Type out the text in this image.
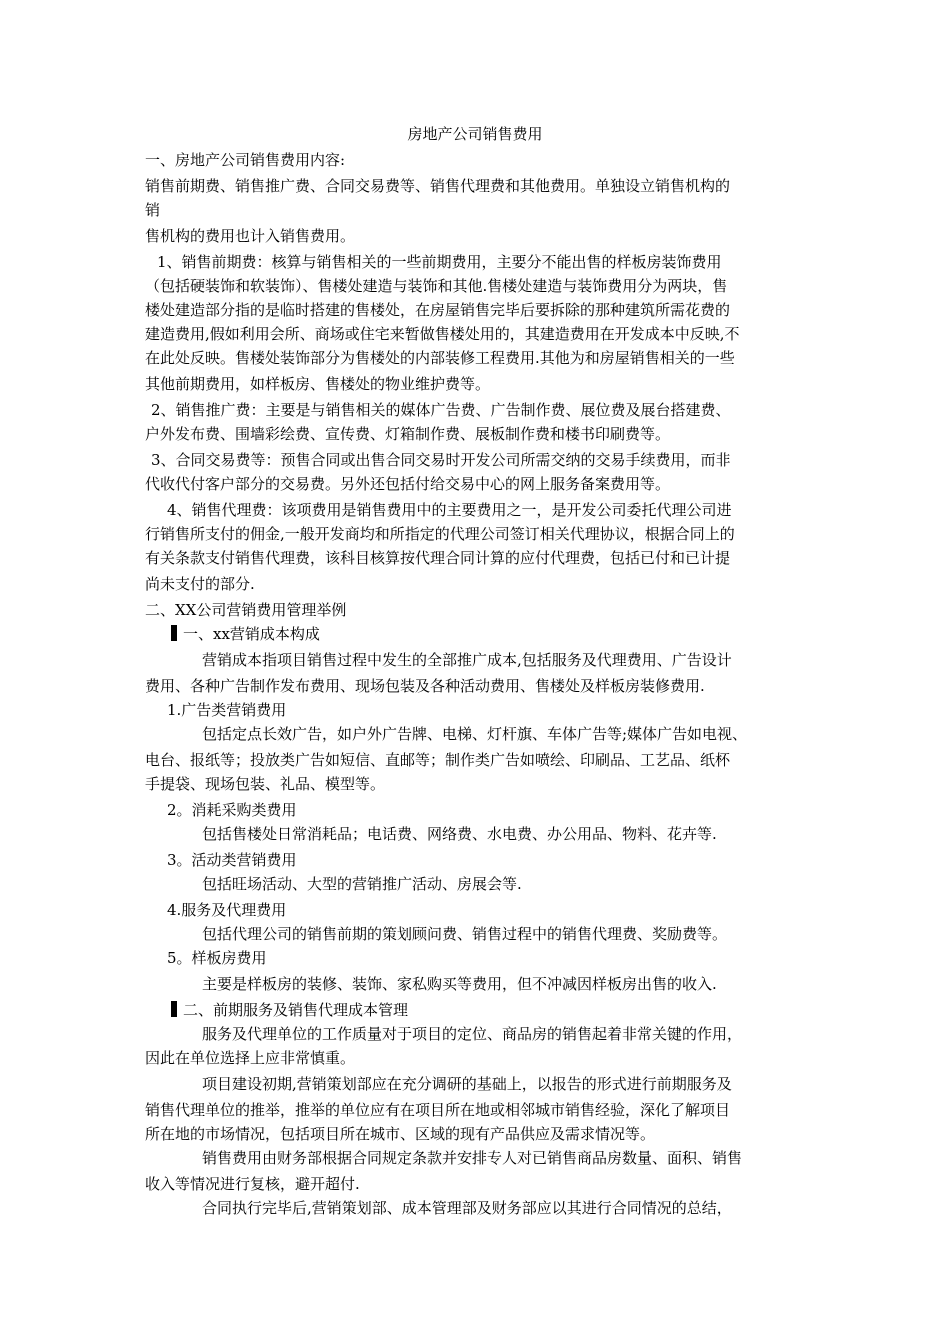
房地产公司销售费用

一、房地产公司销售费用内容:

销售前期费、销售推广费、合同交易费等、销售代理费和其他费用。单独设立销售机构的

销

售机构的费用也计入销售费用。

1、销售前期费：核算与销售相关的一些前期费用，主要分不能出售的样板房装饰费用

（包括硬装饰和软装饰）、售楼处建造与装饰和其他.售楼处建造与装饰费用分为两块，售

楼处建造部分指的是临时搭建的售楼处，在房屋销售完毕后要拆除的那种建筑所需花费的

建造费用,假如利用会所、商场或住宅来暂做售楼处用的，其建造费用在开发成本中反映,不

在此处反映。售楼处装饰部分为售楼处的内部装修工程费用.其他为和房屋销售相关的一些

其他前期费用，如样板房、售楼处的物业维护费等。

2、销售推广费：主要是与销售相关的媒体广告费、广告制作费、展位费及展台搭建费、

户外发布费、围墙彩绘费、宣传费、灯箱制作费、展板制作费和楼书印刷费等。

3、合同交易费等：预售合同或出售合同交易时开发公司所需交纳的交易手续费用，而非

代收代付客户部分的交易费。另外还包括付给交易中心的网上服务备案费用等。

4、销售代理费：该项费用是销售费用中的主要费用之一，是开发公司委托代理公司进

行销售所支付的佣金,一般开发商均和所指定的代理公司签订相关代理协议，根据合同上的

有关条款支付销售代理费，该科目核算按代理合同计算的应付代理费，包括已付和已计提

尚未支付的部分.

二、XX公司营销费用管理举例

一、xx营销成本构成

营销成本指项目销售过程中发生的全部推广成本,包括服务及代理费用、广告设计

费用、各种广告制作发布费用、现场包装及各种活动费用、售楼处及样板房装修费用.

1.广告类营销费用

包括定点长效广告，如户外广告牌、电梯、灯杆旗、车体广告等;媒体广告如电视、

电台、报纸等；投放类广告如短信、直邮等；制作类广告如喷绘、印刷品、工艺品、纸杯

手提袋、现场包装、礼品、模型等。

2。消耗采购类费用

包括售楼处日常消耗品；电话费、网络费、水电费、办公用品、物料、花卉等.

3。活动类营销费用

包括旺场活动、大型的营销推广活动、房展会等.

4.服务及代理费用

包括代理公司的销售前期的策划顾问费、销售过程中的销售代理费、奖励费等。

5。样板房费用

主要是样板房的装修、装饰、家私购买等费用，但不冲减因样板房出售的收入.

二、前期服务及销售代理成本管理

服务及代理单位的工作质量对于项目的定位、商品房的销售起着非常关键的作用，

因此在单位选择上应非常慎重。

项目建设初期,营销策划部应在充分调研的基础上，以报告的形式进行前期服务及

销售代理单位的推举，推举的单位应有在项目所在地或相邻城市销售经验，深化了解项目

所在地的市场情况，包括项目所在城市、区域的现有产品供应及需求情况等。

销售费用由财务部根据合同规定条款并安排专人对已销售商品房数量、面积、销售

收入等情况进行复核，避开超付.

合同执行完毕后,营销策划部、成本管理部及财务部应以其进行合同情况的总结，
